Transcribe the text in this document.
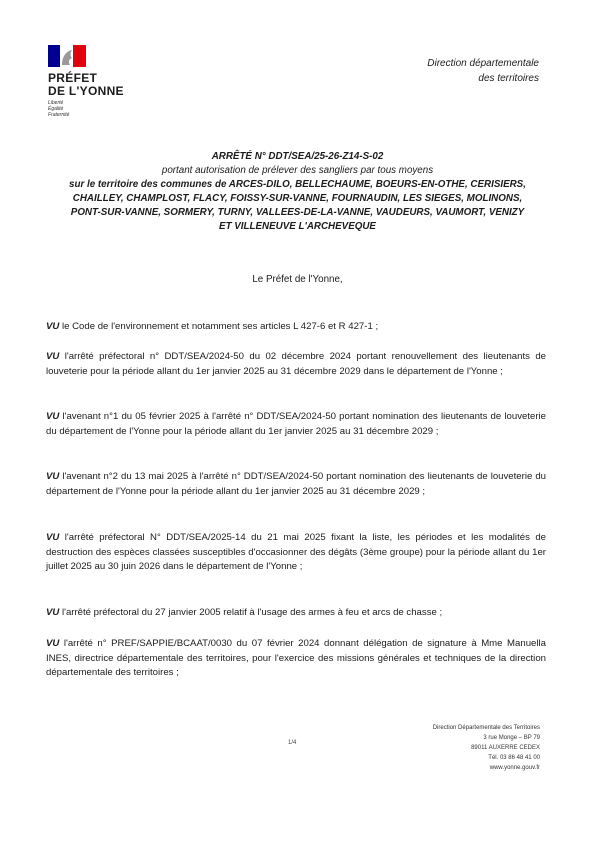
PRÉFET
DE L'YONNE
Liberté
Égalité
Fraternité
Direction départementale
des territoires
ARRÊTÉ N° DDT/SEA/25-26-Z14-S-02
portant autorisation de prélever des sangliers par tous moyens
sur le territoire des communes de ARCES-DILO, BELLECHAUME, BOEURS-EN-OTHE, CERISIERS,
CHAILLEY, CHAMPLOST, FLACY, FOISSY-SUR-VANNE, FOURNAUDIN, LES SIEGES, MOLINONS,
PONT-SUR-VANNE, SORMERY, TURNY, VALLEES-DE-LA-VANNE, VAUDEURS, VAUMORT, VENIZY
ET VILLENEUVE L'ARCHEVEQUE
Le Préfet de l'Yonne,
VU le Code de l'environnement et notamment ses articles L 427-6 et R 427-1 ;
VU l'arrêté préfectoral n° DDT/SEA/2024-50 du 02 décembre 2024 portant renouvellement des lieutenants de louveterie pour la période allant du 1er janvier 2025 au 31 décembre 2029 dans le département de l'Yonne ;
VU l'avenant n°1 du 05 février 2025 à l'arrêté n° DDT/SEA/2024-50 portant nomination des lieutenants de louveterie du département de l'Yonne pour la période allant du 1er janvier 2025 au 31 décembre 2029 ;
VU l'avenant n°2 du 13 mai 2025 à l'arrêté n° DDT/SEA/2024-50 portant nomination des lieutenants de louveterie du département de l'Yonne pour la période allant du 1er janvier 2025 au 31 décembre 2029 ;
VU l'arrêté préfectoral N° DDT/SEA/2025-14 du 21 mai 2025 fixant la liste, les périodes et les modalités de destruction des espèces classées susceptibles d'occasionner des dégâts (3ème groupe) pour la période allant du 1er juillet 2025 au 30 juin 2026 dans le département de l'Yonne ;
VU l'arrêté préfectoral du 27 janvier 2005 relatif à l'usage des armes à feu et arcs de chasse ;
VU l'arrêté n° PREF/SAPPIE/BCAAT/0030 du 07 février 2024 donnant délégation de signature à Mme Manuella INES, directrice départementale des territoires, pour l'exercice des missions générales et techniques de la direction départementale des territoires ;
1/4
Direction Départementale des Territoires
3 rue Monge – BP 79
89011 AUXERRE CEDEX
Tél. 03 86 48 41 00
www.yonne.gouv.fr
